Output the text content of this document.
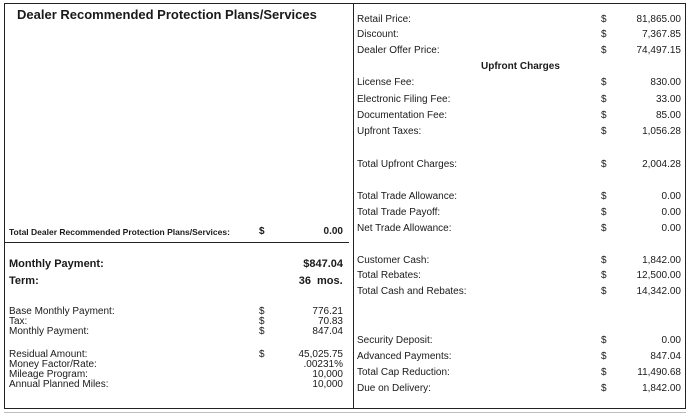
Dealer Recommended Protection Plans/Services
Total Dealer Recommended Protection Plans/Services:	$	0.00
Monthly Payment:	$847.04
Term:	36 mos.
Base Monthly Payment:	$	776.21
Tax:	$	70.83
Monthly Payment:	$	847.04
Residual Amount:	$	45,025.75
Money Factor/Rate:	.00231%
Mileage Program:	10,000
Annual Planned Miles:	10,000
Retail Price:	$	81,865.00
Discount:	$	7,367.85
Dealer Offer Price:	$	74,497.15
Upfront Charges
License Fee:	$	830.00
Electronic Filing Fee:	$	33.00
Documentation Fee:	$	85.00
Upfront Taxes:	$	1,056.28
Total Upfront Charges:	$	2,004.28
Total Trade Allowance:	$	0.00
Total Trade Payoff:	$	0.00
Net Trade Allowance:	$	0.00
Customer Cash:	$	1,842.00
Total Rebates:	$	12,500.00
Total Cash and Rebates:	$	14,342.00
Security Deposit:	$	0.00
Advanced Payments:	$	847.04
Total Cap Reduction:	$	11,490.68
Due on Delivery:	$	1,842.00
